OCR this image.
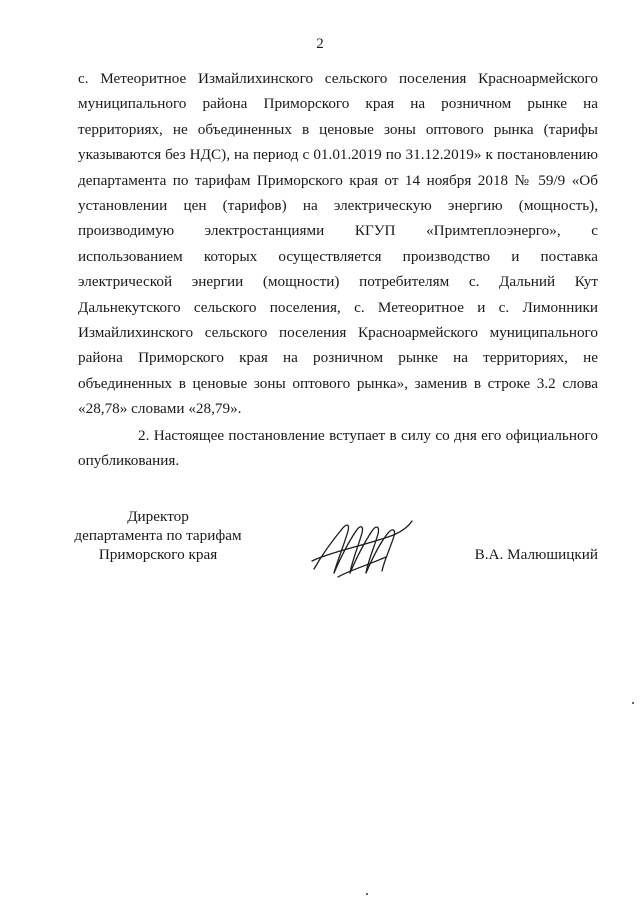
2

с. Метеоритное Измайлихинского сельского поселения Красноармейского муниципального района Приморского края на розничном рынке на территориях, не объединенных в ценовые зоны оптового рынка (тарифы указываются без НДС), на период с 01.01.2019 по 31.12.2019» к постановлению департамента по тарифам Приморского края от 14 ноября 2018 № 59/9 «Об установлении цен (тарифов) на электрическую энергию (мощность), производимую электростанциями КГУП «Примтеплоэнерго», с использованием которых осуществляется производство и поставка электрической энергии (мощности) потребителям с. Дальний Кут Дальнекутского сельского поселения, с. Метеоритное и с. Лимонники Измайлихинского сельского поселения Красноармейского муниципального района Приморского края на розничном рынке на территориях, не объединенных в ценовые зоны оптового рынка», заменив в строке 3.2 слова «28,78» словами «28,79».

2. Настоящее постановление вступает в силу со дня его официального опубликования.

Директор
департамента по тарифам
Приморского края	В.А. Малюшицкий
